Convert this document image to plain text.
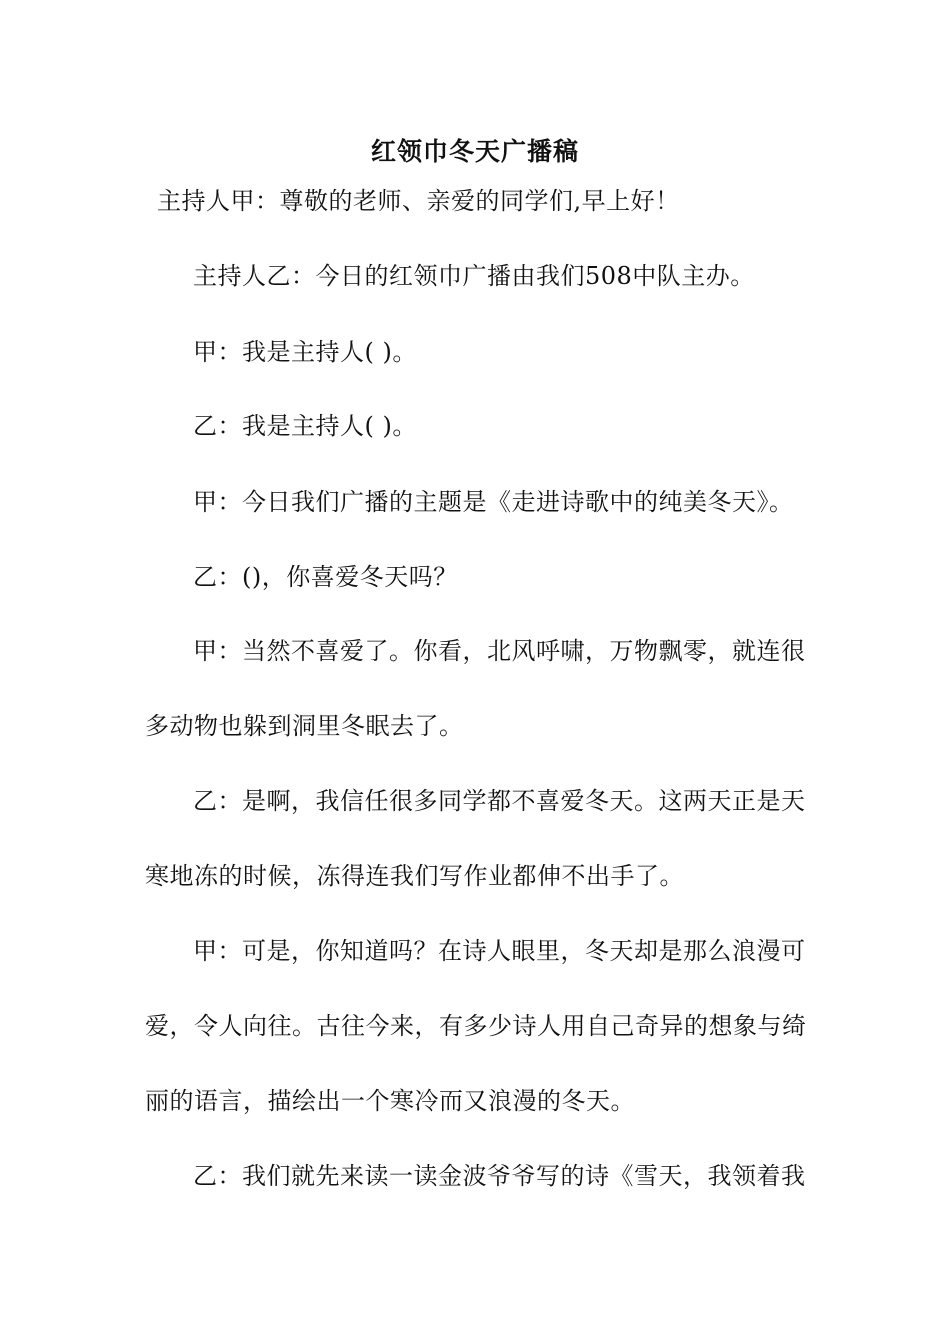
红领巾冬天广播稿
主持人甲：尊敬的老师、亲爱的同学们,早上好！
主持人乙：今日的红领巾广播由我们508中队主办。
甲：我是主持人( )。
乙：我是主持人( )。
甲：今日我们广播的主题是《走进诗歌中的纯美冬天》。
乙：()，你喜爱冬天吗？
甲：当然不喜爱了。你看，北风呼啸，万物飘零，就连很
多动物也躲到洞里冬眠去了。
乙：是啊，我信任很多同学都不喜爱冬天。这两天正是天
寒地冻的时候，冻得连我们写作业都伸不出手了。
甲：可是，你知道吗？在诗人眼里，冬天却是那么浪漫可
爱，令人向往。古往今来，有多少诗人用自己奇异的想象与绮
丽的语言，描绘出一个寒冷而又浪漫的冬天。
乙：我们就先来读一读金波爷爷写的诗《雪天，我领着我
